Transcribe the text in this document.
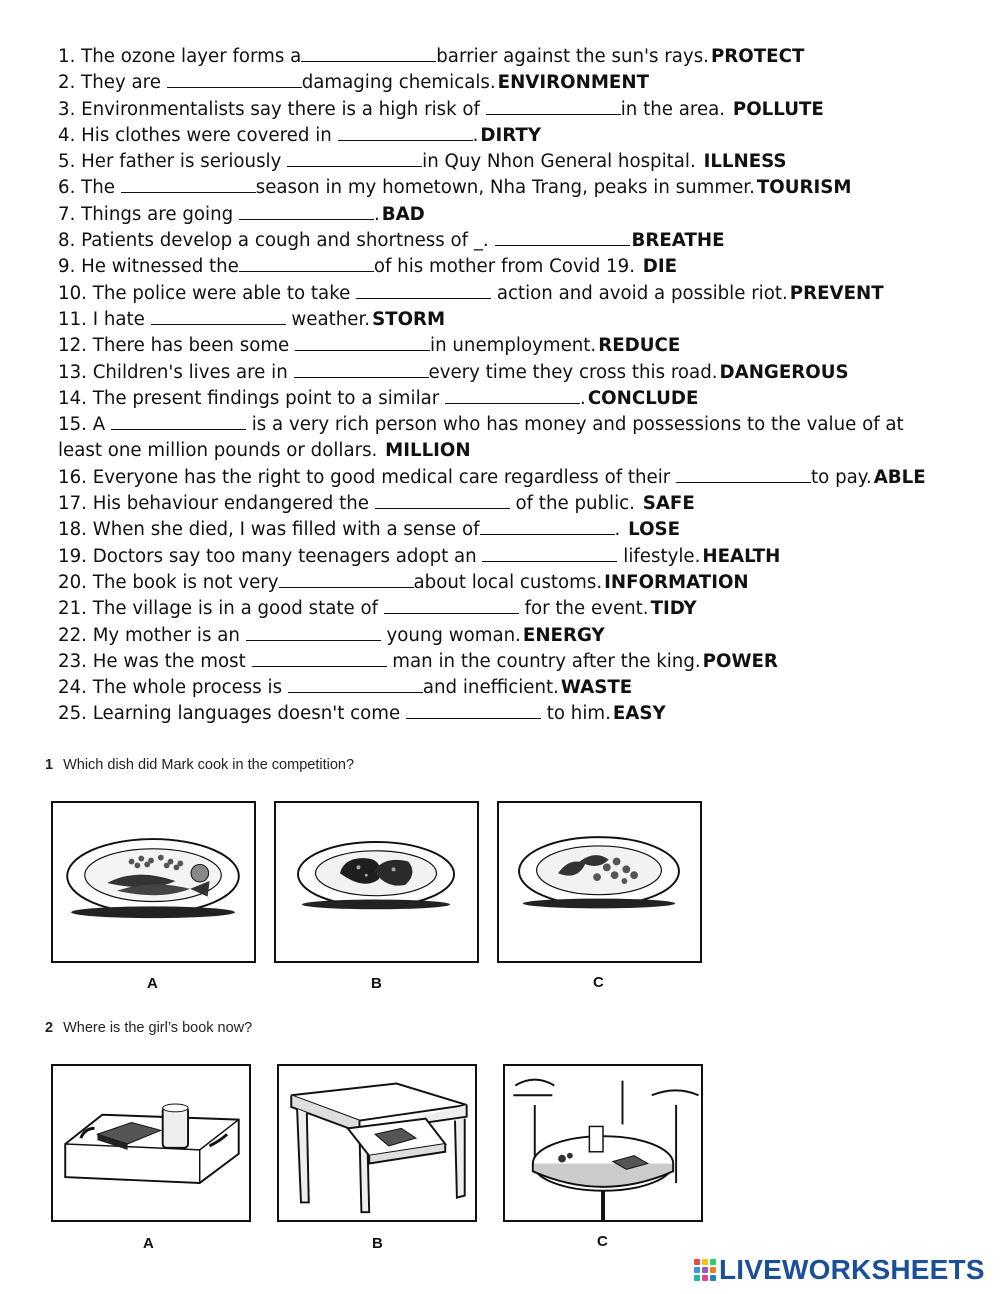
1. The ozone layer forms a	barrier against the sun's rays. PROTECT
2. They are	damaging chemicals. ENVIRONMENT
3. Environmentalists say there is a high risk of	in the area. POLLUTE
4. His clothes were covered in	. DIRTY
5. Her father is seriously	in Quy Nhon General hospital. ILLNESS
6. The	season in my hometown, Nha Trang, peaks in summer. TOURISM
7. Things are going	. BAD
8. Patients develop a cough and shortness of _.	BREATHE
9. He witnessed the	of his mother from Covid 19. DIE
10. The police were able to take	action and avoid a possible riot. PREVENT
11. I hate	weather. STORM
12. There has been some	in unemployment. REDUCE
13. Children's lives are in	every time they cross this road. DANGEROUS
14. The present findings point to a similar	. CONCLUDE
15. A	is a very rich person who has money and possessions to the value of at least one million pounds or dollars. MILLION
16. Everyone has the right to good medical care regardless of their	to pay. ABLE
17. His behaviour endangered the	of the public. SAFE
18. When she died, I was filled with a sense of	. LOSE
19. Doctors say too many teenagers adopt an	lifestyle. HEALTH
20. The book is not very	about local customs. INFORMATION
21. The village is in a good state of	for the event. TIDY
22. My mother is an	young woman. ENERGY
23. He was the most	man in the country after the king. POWER
24. The whole process is	and inefficient. WASTE
25. Learning languages doesn't come	to him. EASY
1 Which dish did Mark cook in the competition?
A	B	C
2 Where is the girl’s book now?
A	B	C
LIVEWORKSHEETS
